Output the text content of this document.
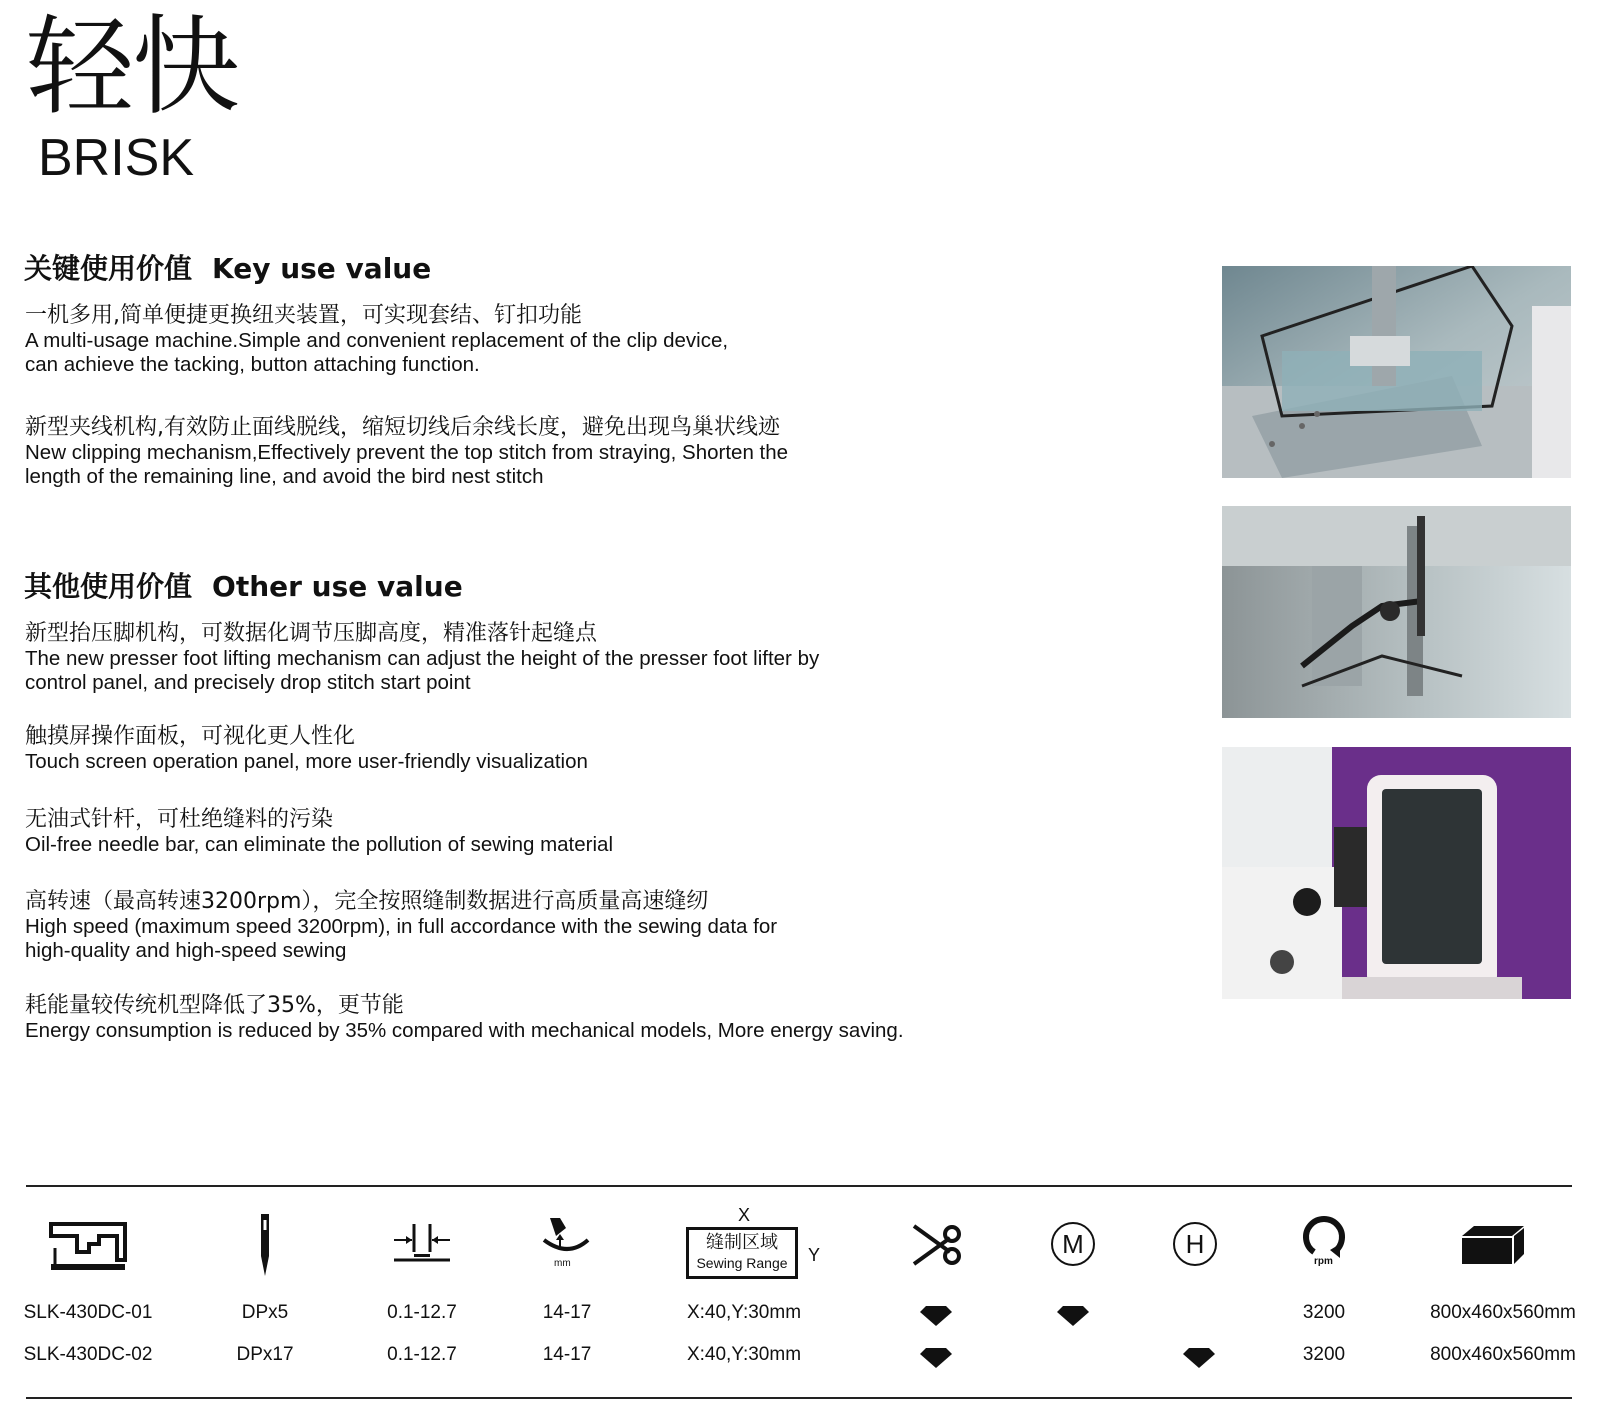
轻快
BRISK
关键使用价值 Key use value
一机多用,简单便捷更换纽夹装置，可实现套结、钉扣功能
A multi-usage machine.Simple and convenient replacement of the clip device,
can achieve the tacking, button attaching function.
新型夹线机构,有效防止面线脱线，缩短切线后余线长度，避免出现鸟巢状线迹
New clipping mechanism,Effectively prevent the top stitch from straying, Shorten the
length of the remaining line, and avoid the bird nest stitch
其他使用价值 Other use value
新型抬压脚机构，可数据化调节压脚高度，精准落针起缝点
The new presser foot lifting mechanism can adjust the height of the presser foot lifter by
control panel, and precisely drop stitch start point
触摸屏操作面板，可视化更人性化
Touch screen operation panel, more user-friendly visualization
无油式针杆，可杜绝缝料的污染
Oil-free needle bar, can eliminate the pollution of sewing material
高转速（最高转速3200rpm），完全按照缝制数据进行高质量高速缝纫
High speed (maximum speed 3200rpm), in full accordance with the sewing data for
high-quality and high-speed sewing
耗能量较传统机型降低了35%，更节能
Energy consumption is reduced by 35% compared with mechanical models, More energy saving.
mm
X
缝制区域
Sewing Range	Y	M	H
rpm
SLK-430DC-01	DPx5	0.1-12.7	14-17	X:40,Y:30mm	3200	800x460x560mm
SLK-430DC-02	DPx17	0.1-12.7	14-17	X:40,Y:30mm	3200	800x460x560mm
